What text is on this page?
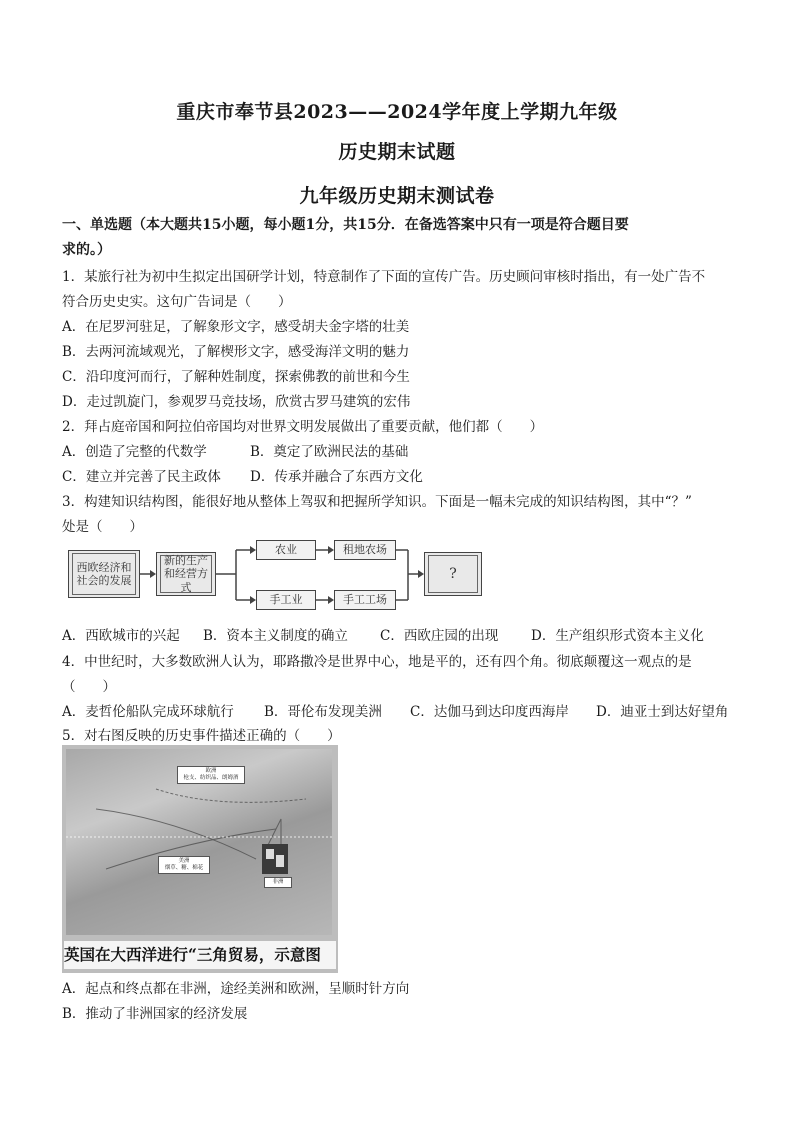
重庆市奉节县2023——2024学年度上学期九年级
历史期末试题
九年级历史期末测试卷
一、单选题（本大题共15小题，每小题1分，共15分．在备选答案中只有一项是符合题目要
求的。）
1．某旅行社为初中生拟定出国研学计划，特意制作了下面的宣传广告。历史顾问审核时指出，有一处广告不
符合历史史实。这句广告词是（　　）
A．在尼罗河驻足，了解象形文字，感受胡夫金字塔的壮美
B．去两河流域观光，了解楔形文字，感受海洋文明的魅力
C．沿印度河而行，了解种姓制度，探索佛教的前世和今生
D．走过凯旋门，参观罗马竞技场，欣赏古罗马建筑的宏伟
2．拜占庭帝国和阿拉伯帝国均对世界文明发展做出了重要贡献，他们都（　　）
A．创造了完整的代数学	B．奠定了欧洲民法的基础
C．建立并完善了民主政体 D．传承并融合了东西方文化
3．构建知识结构图，能很好地从整体上驾驭和把握所学知识。下面是一幅未完成的知识结构图，其中“？”
处是（　　）
西欧经济和社会的发展
新的生产和经营方式
农业	租地农场
手工业	手工工场
?
A．西欧城市的兴起 B．资本主义制度的确立 C．西欧庄园的出现 D．生产组织形式资本主义化
4．中世纪时，大多数欧洲人认为，耶路撒冷是世界中心，地是平的，还有四个角。彻底颠覆这一观点的是
（　　）
A．麦哲伦船队完成环球航行 B．哥伦布发现美洲 C．达伽马到达印度西海岸 D．迪亚士到达好望角
5．对右图反映的历史事件描述正确的（　　）
欧洲
枪支、纺织品、朗姆酒
美洲
烟草、糖、棉花
非洲
英国在大西洋进行“三角贸易，示意图
A．起点和终点都在非洲，途经美洲和欧洲，呈顺时针方向
B．推动了非洲国家的经济发展
